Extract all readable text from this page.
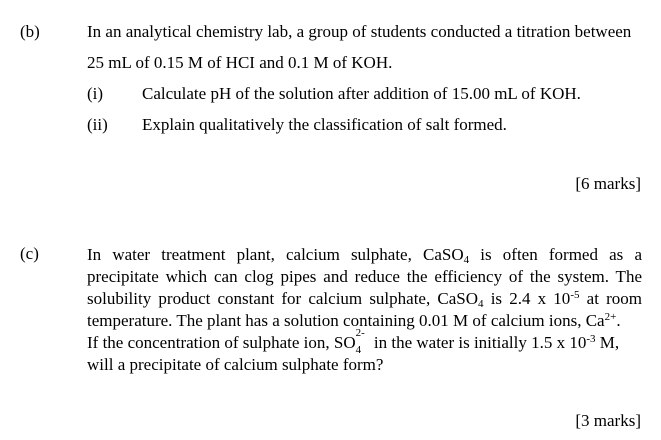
(b)	In an analytical chemistry lab, a group of students conducted a titration between
25 mL of 0.15 M of HCI and 0.1 M of KOH.
(i) Calculate pH of the solution after addition of 15.00 mL of KOH.
(ii) Explain qualitatively the classification of salt formed.
[6 marks]
(c)	In water treatment plant, calcium sulphate, CaSO$_4$ is often formed as a
precipitate which can clog pipes and reduce the efficiency of the system. The
solubility product constant for calcium sulphate, CaSO$_4$ is 2.4 x $10^{-5}$ at room
temperature. The plant has a solution containing 0.01 M of calcium ions, $Ca^{2+}$.
If the concentration of sulphate ion, SO 2-
4 in the water is initially 1.5 x $10^{-3}$ M,
will a precipitate of calcium sulphate form?
[3 marks]
